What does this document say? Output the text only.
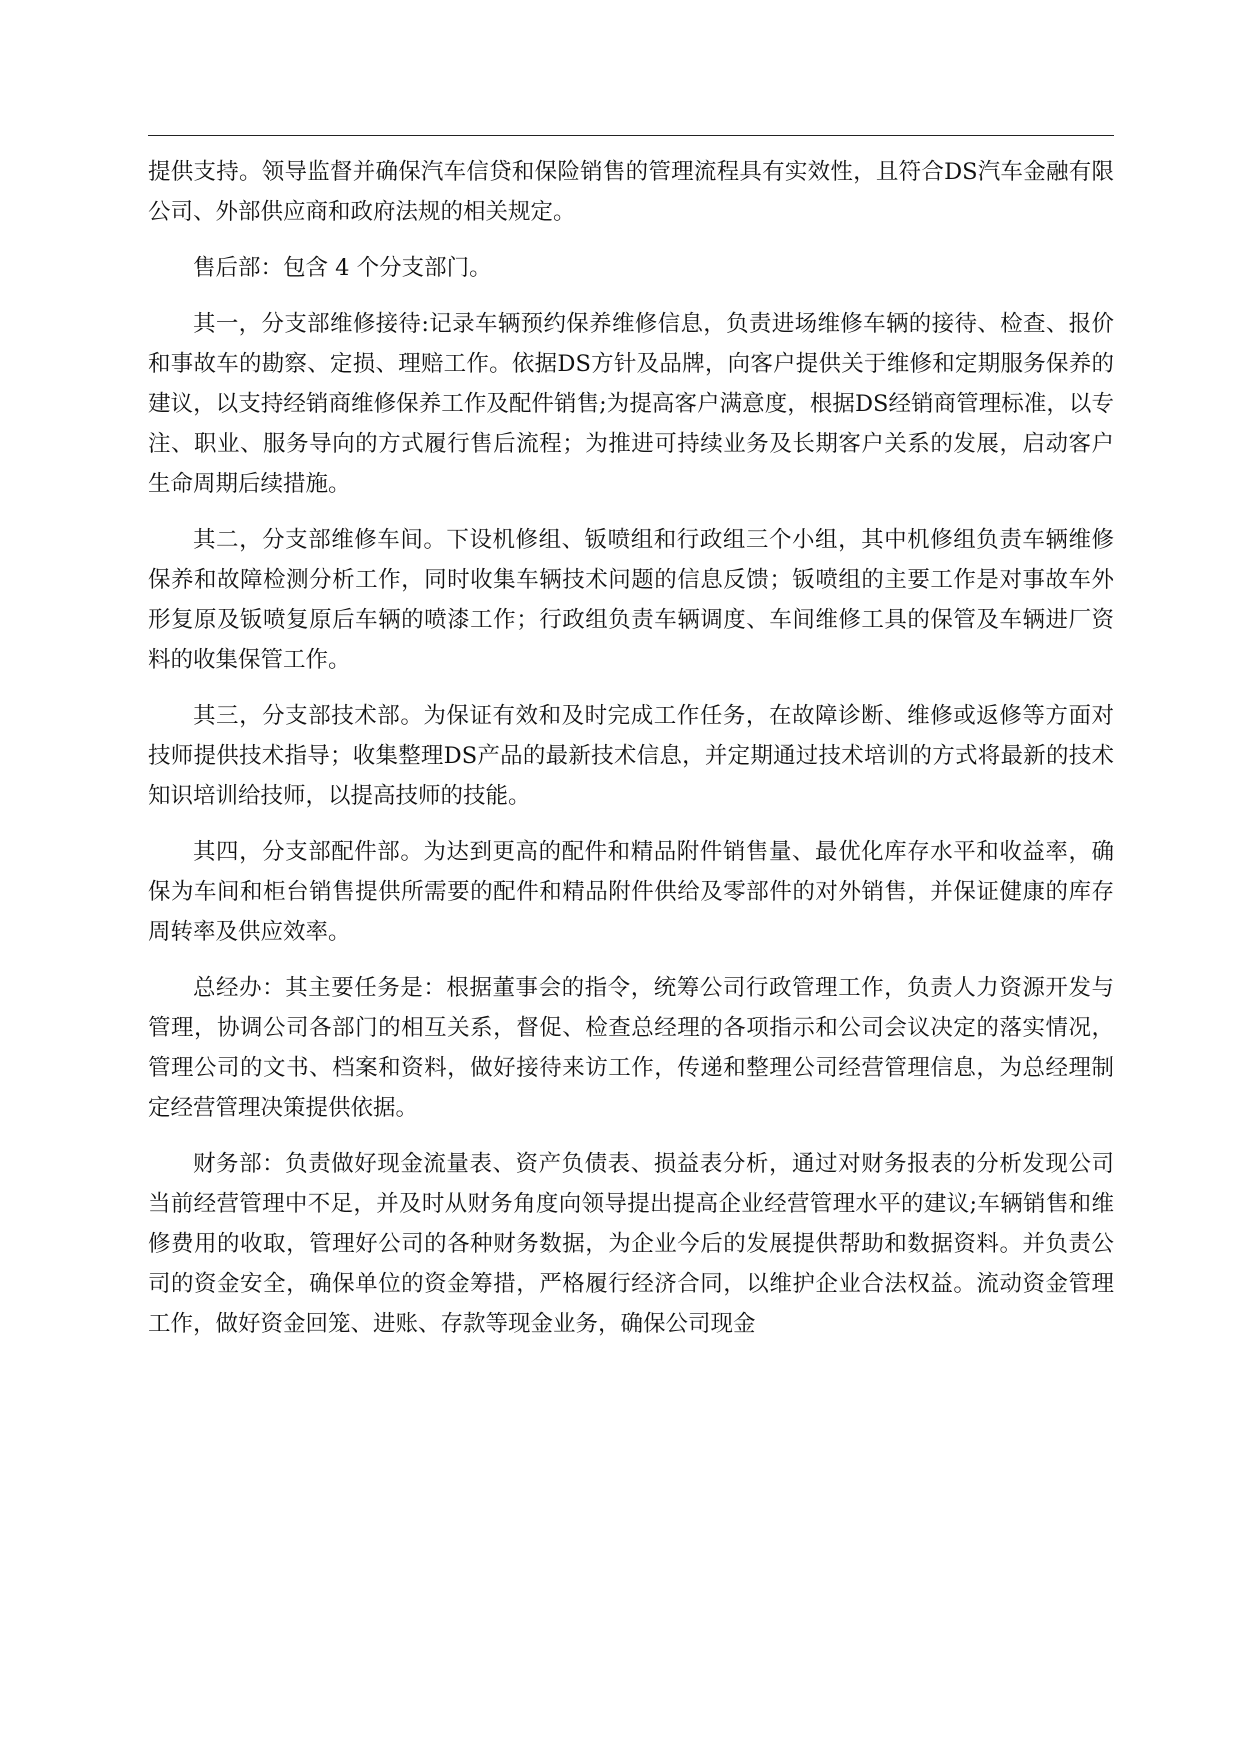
提供支持。领导监督并确保汽车信贷和保险销售的管理流程具有实效性，且符合DS汽车金融有限公司、外部供应商和政府法规的相关规定。

售后部：包含 4 个分支部门。

其一，分支部维修接待:记录车辆预约保养维修信息，负责进场维修车辆的接待、检查、报价和事故车的勘察、定损、理赔工作。依据DS方针及品牌，向客户提供关于维修和定期服务保养的建议，以支持经销商维修保养工作及配件销售;为提高客户满意度，根据DS经销商管理标准，以专注、职业、服务导向的方式履行售后流程；为推进可持续业务及长期客户关系的发展，启动客户生命周期后续措施。

其二，分支部维修车间。下设机修组、钣喷组和行政组三个小组，其中机修组负责车辆维修保养和故障检测分析工作，同时收集车辆技术问题的信息反馈；钣喷组的主要工作是对事故车外形复原及钣喷复原后车辆的喷漆工作；行政组负责车辆调度、车间维修工具的保管及车辆进厂资料的收集保管工作。

其三，分支部技术部。为保证有效和及时完成工作任务，在故障诊断、维修或返修等方面对技师提供技术指导；收集整理DS产品的最新技术信息，并定期通过技术培训的方式将最新的技术知识培训给技师，以提高技师的技能。

其四，分支部配件部。为达到更高的配件和精品附件销售量、最优化库存水平和收益率，确保为车间和柜台销售提供所需要的配件和精品附件供给及零部件的对外销售，并保证健康的库存周转率及供应效率。

总经办：其主要任务是：根据董事会的指令，统筹公司行政管理工作，负责人力资源开发与管理，协调公司各部门的相互关系，督促、检查总经理的各项指示和公司会议决定的落实情况，管理公司的文书、档案和资料，做好接待来访工作，传递和整理公司经营管理信息，为总经理制定经营管理决策提供依据。

财务部：负责做好现金流量表、资产负债表、损益表分析，通过对财务报表的分析发现公司当前经营管理中不足，并及时从财务角度向领导提出提高企业经营管理水平的建议;车辆销售和维修费用的收取，管理好公司的各种财务数据，为企业今后的发展提供帮助和数据资料。并负责公司的资金安全，确保单位的资金筹措，严格履行经济合同，以维护企业合法权益。流动资金管理工作，做好资金回笼、进账、存款等现金业务，确保公司现金
